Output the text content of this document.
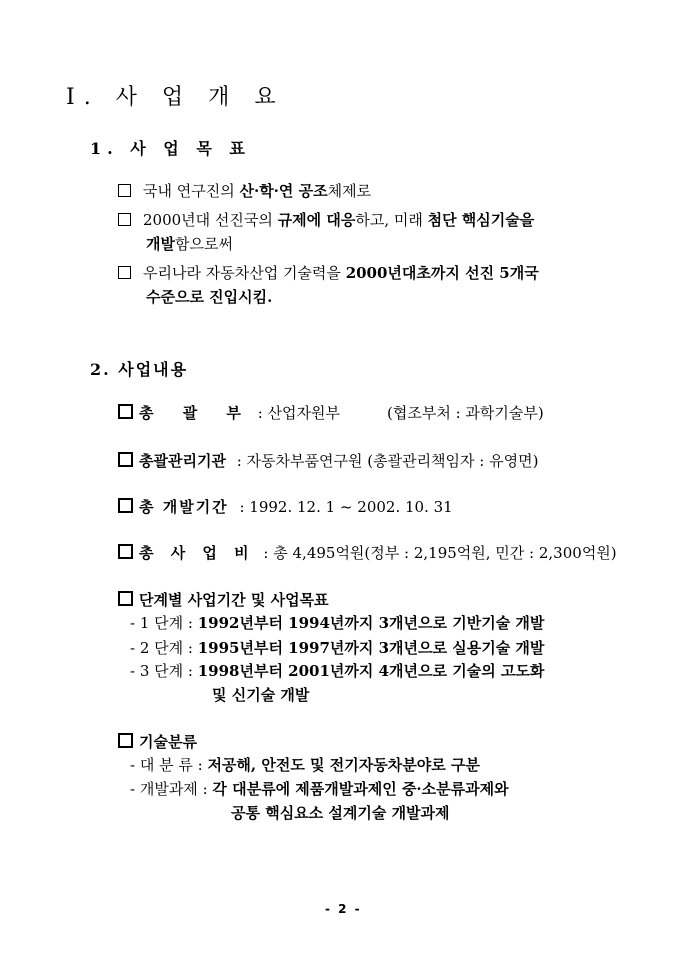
Ⅰ. 사 업 개 요
1. 사 업 목 표
국내 연구진의 산·학·연 공조체제로
2000년대 선진국의 규제에 대응하고, 미래 첨단 핵심기술을
개발함으로써
우리나라 자동차산업 기술력을 2000년대초까지 선진 5개국
수준으로 진입시킴.
2. 사업내용
총 괄 부 : 산업자원부	(협조부처 : 과학기술부)
총괄관리기관 : 자동차부품연구원 (총괄관리책임자 : 유영면)
총 개발기간 : 1992. 12. 1 ~ 2002. 10. 31
총 사 업 비 : 총 4,495억원(정부 : 2,195억원, 민간 : 2,300억원)
단계별 사업기간 및 사업목표
- 1 단계 : 1992년부터 1994년까지 3개년으로 기반기술 개발
- 2 단계 : 1995년부터 1997년까지 3개년으로 실용기술 개발
- 3 단계 : 1998년부터 2001년까지 4개년으로 기술의 고도화
및 신기술 개발
기술분류
- 대 분 류 : 저공해, 안전도 및 전기자동차분야로 구분
- 개발과제 : 각 대분류에 제품개발과제인 중·소분류과제와
공통 핵심요소 설계기술 개발과제
- 2 -
